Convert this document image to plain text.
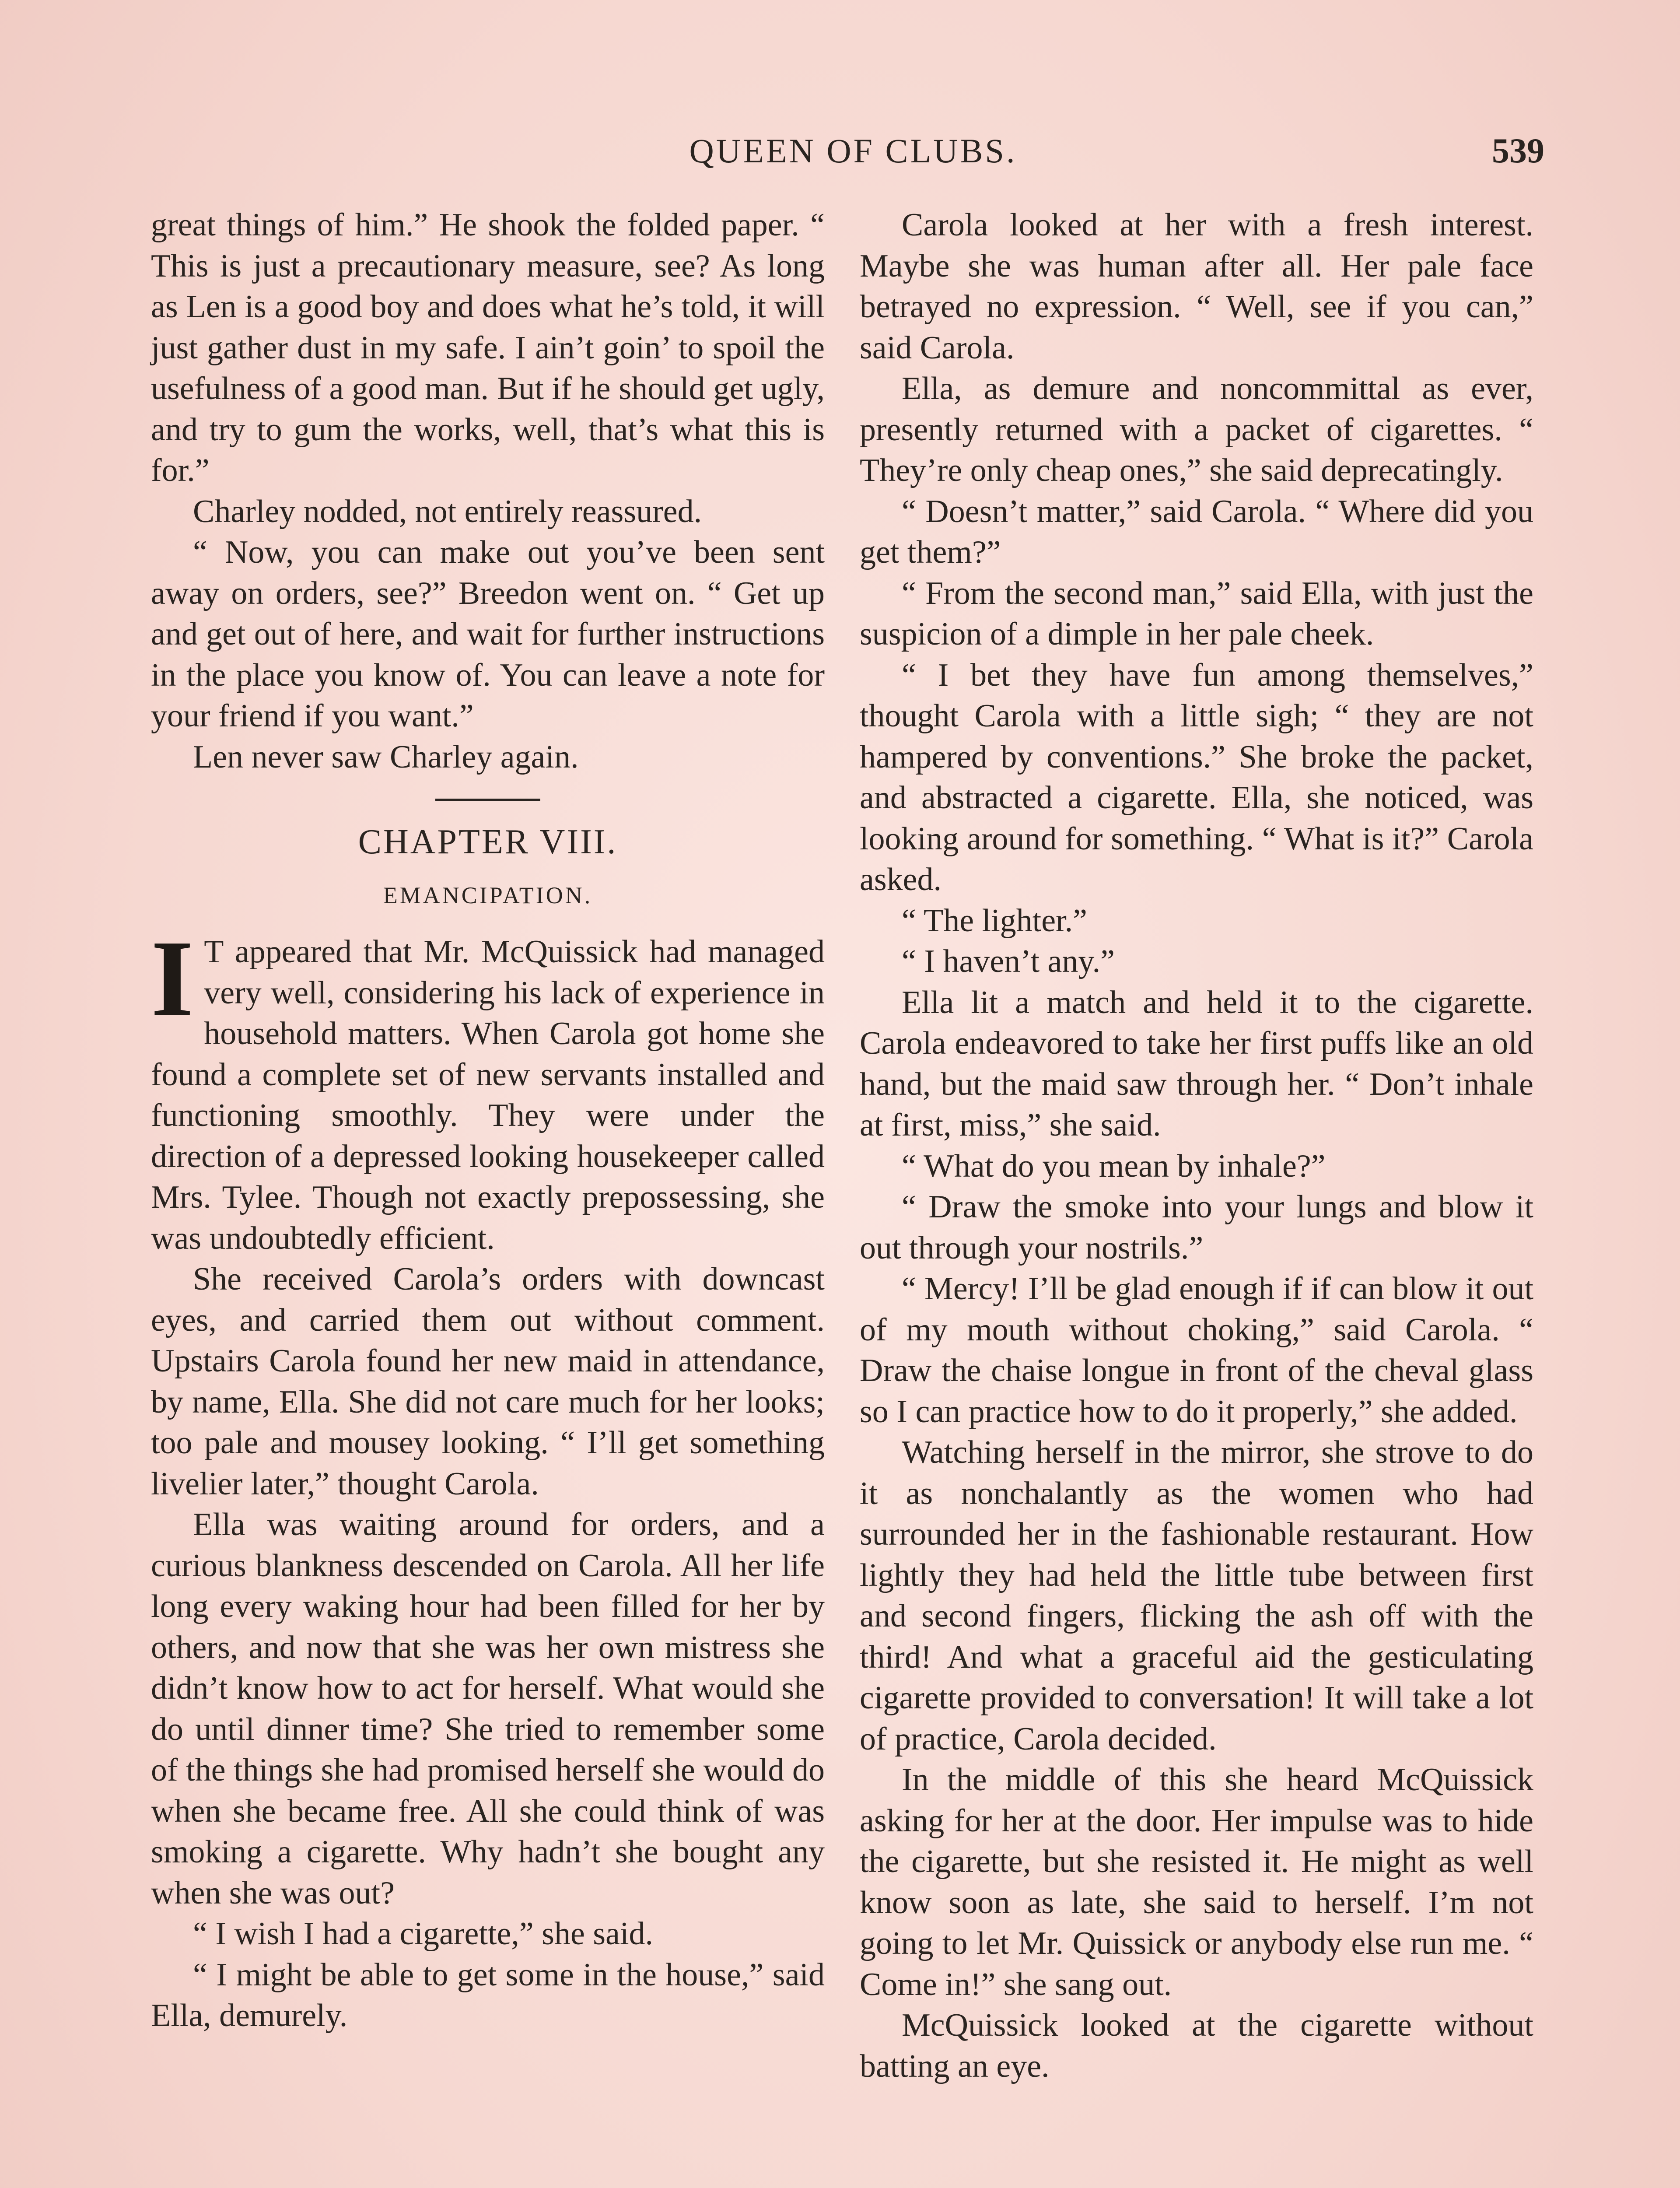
QUEEN OF CLUBS.	539

great things of him.” He shook the folded paper. “ This is just a precautionary measure, see? As long as Len is a good boy and does what he’s told, it will just gather dust in my safe. I ain’t goin’ to spoil the usefulness of a good man. But if he should get ugly, and try to gum the works, well, that’s what this is for.”

Charley nodded, not entirely reassured.

“ Now, you can make out you’ve been sent away on orders, see?” Breedon went on. “ Get up and get out of here, and wait for further instructions in the place you know of. You can leave a note for your friend if you want.”

Len never saw Charley again.

CHAPTER VIII.
EMANCIPATION.
I T appeared that Mr. McQuissick had managed very well, considering his lack of experience in household matters. When Carola got home she found a complete set of new servants installed and functioning smoothly. They were under the direction of a depressed looking housekeeper called Mrs. Tylee. Though not exactly prepossessing, she was undoubtedly efficient.

She received Carola’s orders with downcast eyes, and carried them out without comment. Upstairs Carola found her new maid in attendance, by name, Ella. She did not care much for her looks; too pale and mousey looking. “ I’ll get something livelier later,” thought Carola.

Ella was waiting around for orders, and a curious blankness descended on Carola. All her life long every waking hour had been filled for her by others, and now that she was her own mistress she didn’t know how to act for herself. What would she do until dinner time? She tried to remember some of the things she had promised herself she would do when she became free. All she could think of was smoking a cigarette. Why hadn’t she bought any when she was out?

“ I wish I had a cigarette,” she said.

“ I might be able to get some in the house,” said Ella, demurely.

Carola looked at her with a fresh interest. Maybe she was human after all. Her pale face betrayed no expression. “ Well, see if you can,” said Carola.

Ella, as demure and noncommittal as ever, presently returned with a packet of cigarettes. “ They’re only cheap ones,” she said deprecatingly.

“ Doesn’t matter,” said Carola. “ Where did you get them?”

“ From the second man,” said Ella, with just the suspicion of a dimple in her pale cheek.

“ I bet they have fun among themselves,” thought Carola with a little sigh; “ they are not hampered by conventions.” She broke the packet, and abstracted a cigarette. Ella, she noticed, was looking around for something. “ What is it?” Carola asked.

“ The lighter.”

“ I haven’t any.”

Ella lit a match and held it to the cigarette. Carola endeavored to take her first puffs like an old hand, but the maid saw through her. “ Don’t inhale at first, miss,” she said.

“ What do you mean by inhale?”

“ Draw the smoke into your lungs and blow it out through your nostrils.”

“ Mercy! I’ll be glad enough if if can blow it out of my mouth without choking,” said Carola. “ Draw the chaise longue in front of the cheval glass so I can practice how to do it properly,” she added.

Watching herself in the mirror, she strove to do it as nonchalantly as the women who had surrounded her in the fashionable restaurant. How lightly they had held the little tube between first and second fingers, flicking the ash off with the third! And what a graceful aid the gesticulating cigarette provided to conversation! It will take a lot of practice, Carola decided.

In the middle of this she heard McQuissick asking for her at the door. Her impulse was to hide the cigarette, but she resisted it. He might as well know soon as late, she said to herself. I’m not going to let Mr. Quissick or anybody else run me. “ Come in!” she sang out.

McQuissick looked at the cigarette without batting an eye.
